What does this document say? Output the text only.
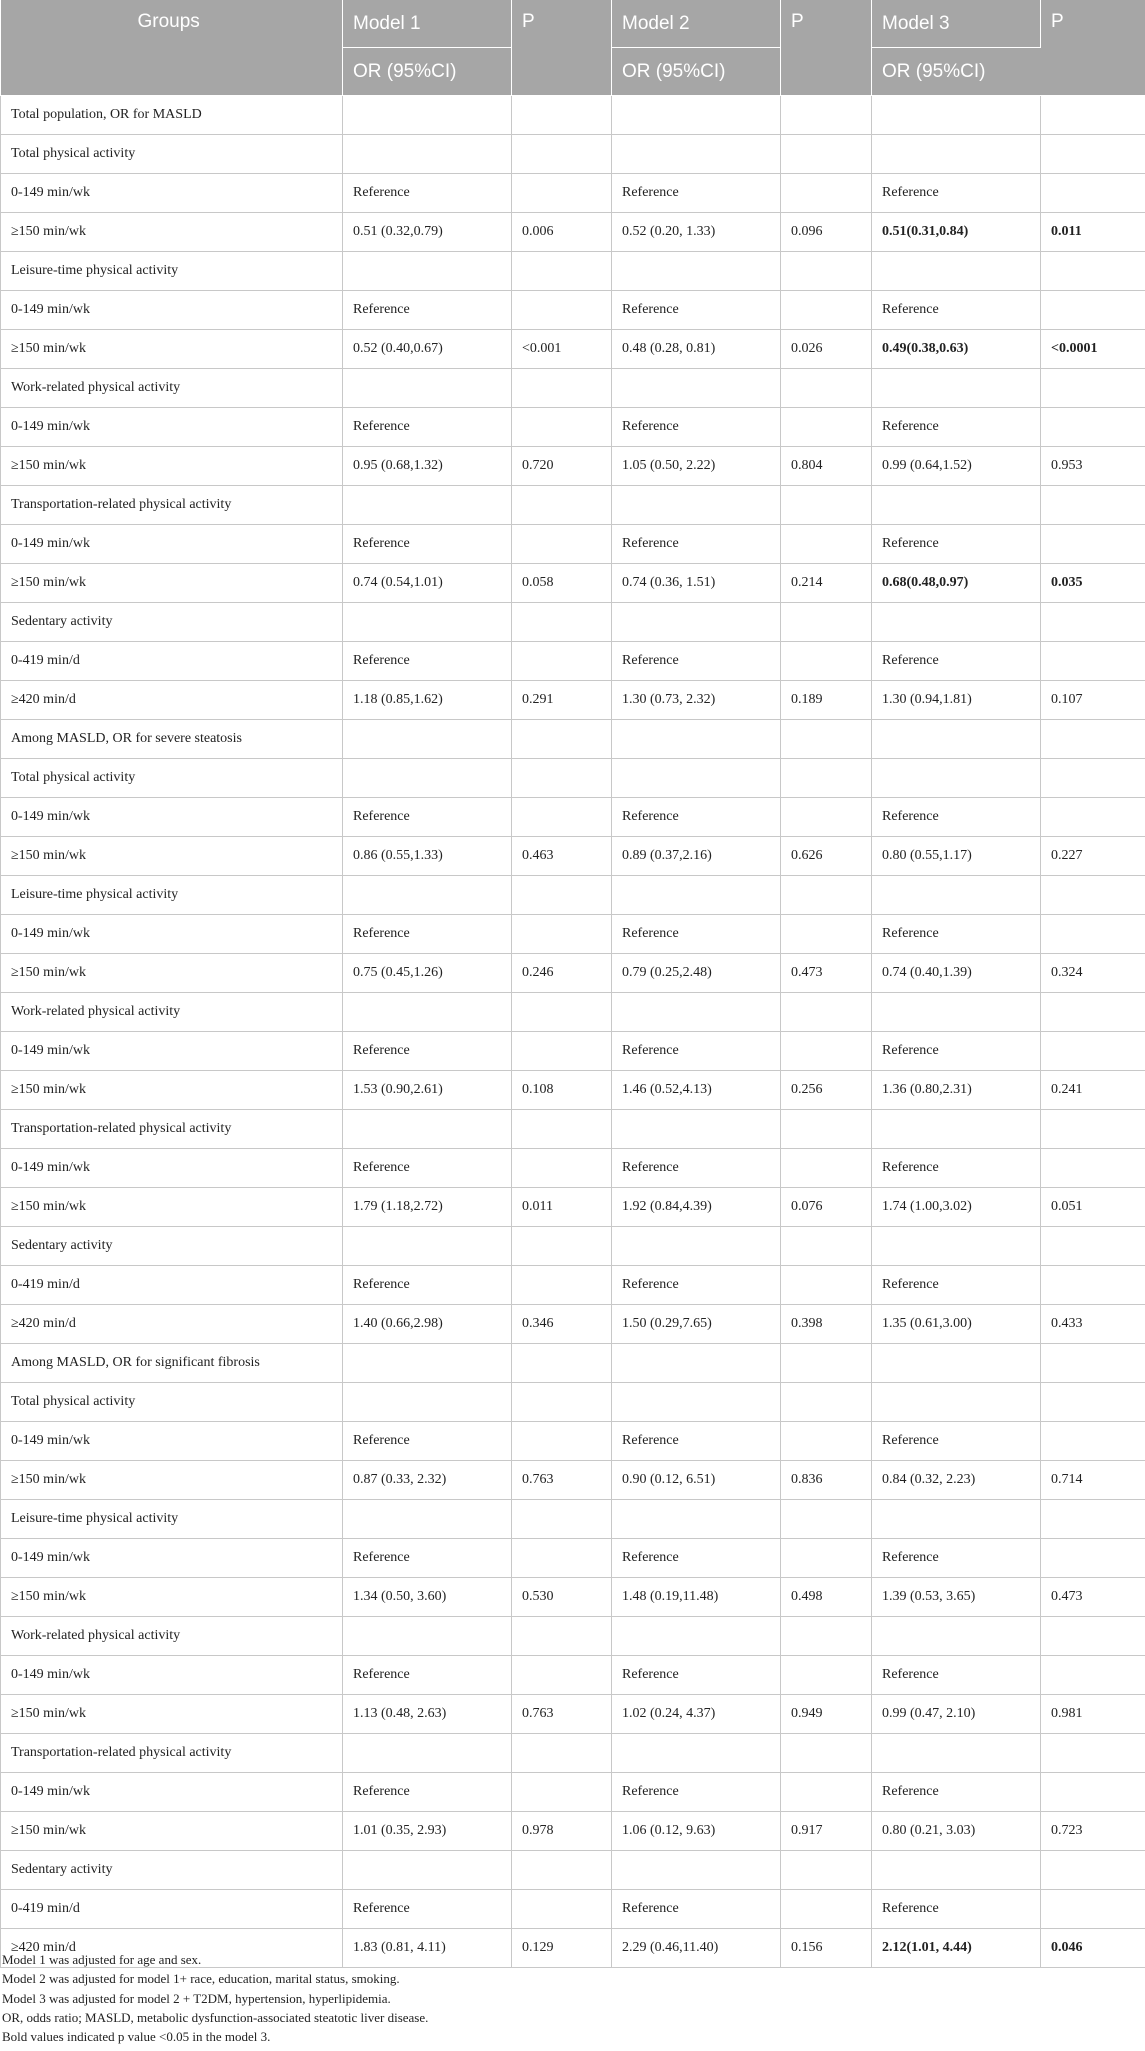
Groups	Model 1	P	Model 2	P	Model 3	P
	OR (95%CI)		OR (95%CI)		OR (95%CI)	
Total population, OR for MASLD						
Total physical activity						
0-149 min/wk	Reference		Reference		Reference	
≥150 min/wk	0.51 (0.32,0.79)	0.006	0.52 (0.20, 1.33)	0.096	0.51(0.31,0.84)	0.011
Leisure-time physical activity						
0-149 min/wk	Reference		Reference		Reference	
≥150 min/wk	0.52 (0.40,0.67)	<0.001	0.48 (0.28, 0.81)	0.026	0.49(0.38,0.63)	<0.0001
Work-related physical activity						
0-149 min/wk	Reference		Reference		Reference	
≥150 min/wk	0.95 (0.68,1.32)	0.720	1.05 (0.50, 2.22)	0.804	0.99 (0.64,1.52)	0.953
Transportation-related physical activity						
0-149 min/wk	Reference		Reference		Reference	
≥150 min/wk	0.74 (0.54,1.01)	0.058	0.74 (0.36, 1.51)	0.214	0.68(0.48,0.97)	0.035
Sedentary activity						
0-419 min/d	Reference		Reference		Reference	
≥420 min/d	1.18 (0.85,1.62)	0.291	1.30 (0.73, 2.32)	0.189	1.30 (0.94,1.81)	0.107
Among MASLD, OR for severe steatosis						
Total physical activity						
0-149 min/wk	Reference		Reference		Reference	
≥150 min/wk	0.86 (0.55,1.33)	0.463	0.89 (0.37,2.16)	0.626	0.80 (0.55,1.17)	0.227
Leisure-time physical activity						
0-149 min/wk	Reference		Reference		Reference	
≥150 min/wk	0.75 (0.45,1.26)	0.246	0.79 (0.25,2.48)	0.473	0.74 (0.40,1.39)	0.324
Work-related physical activity						
0-149 min/wk	Reference		Reference		Reference	
≥150 min/wk	1.53 (0.90,2.61)	0.108	1.46 (0.52,4.13)	0.256	1.36 (0.80,2.31)	0.241
Transportation-related physical activity						
0-149 min/wk	Reference		Reference		Reference	
≥150 min/wk	1.79 (1.18,2.72)	0.011	1.92 (0.84,4.39)	0.076	1.74 (1.00,3.02)	0.051
Sedentary activity						
0-419 min/d	Reference		Reference		Reference	
≥420 min/d	1.40 (0.66,2.98)	0.346	1.50 (0.29,7.65)	0.398	1.35 (0.61,3.00)	0.433
Among MASLD, OR for significant fibrosis						
Total physical activity						
0-149 min/wk	Reference		Reference		Reference	
≥150 min/wk	0.87 (0.33, 2.32)	0.763	0.90 (0.12, 6.51)	0.836	0.84 (0.32, 2.23)	0.714
Leisure-time physical activity						
0-149 min/wk	Reference		Reference		Reference	
≥150 min/wk	1.34 (0.50, 3.60)	0.530	1.48 (0.19,11.48)	0.498	1.39 (0.53, 3.65)	0.473
Work-related physical activity						
0-149 min/wk	Reference		Reference		Reference	
≥150 min/wk	1.13 (0.48, 2.63)	0.763	1.02 (0.24, 4.37)	0.949	0.99 (0.47, 2.10)	0.981
Transportation-related physical activity						
0-149 min/wk	Reference		Reference		Reference	
≥150 min/wk	1.01 (0.35, 2.93)	0.978	1.06 (0.12, 9.63)	0.917	0.80 (0.21, 3.03)	0.723
Sedentary activity						
0-419 min/d	Reference		Reference		Reference	
≥420 min/d	1.83 (0.81, 4.11)	0.129	2.29 (0.46,11.40)	0.156	2.12(1.01, 4.44)	0.046

Model 1 was adjusted for age and sex.

Model 2 was adjusted for model 1+ race, education, marital status, smoking.

Model 3 was adjusted for model 2 + T2DM, hypertension, hyperlipidemia.

OR, odds ratio; MASLD, metabolic dysfunction-associated steatotic liver disease.

Bold values indicated p value <0.05 in the model 3.
